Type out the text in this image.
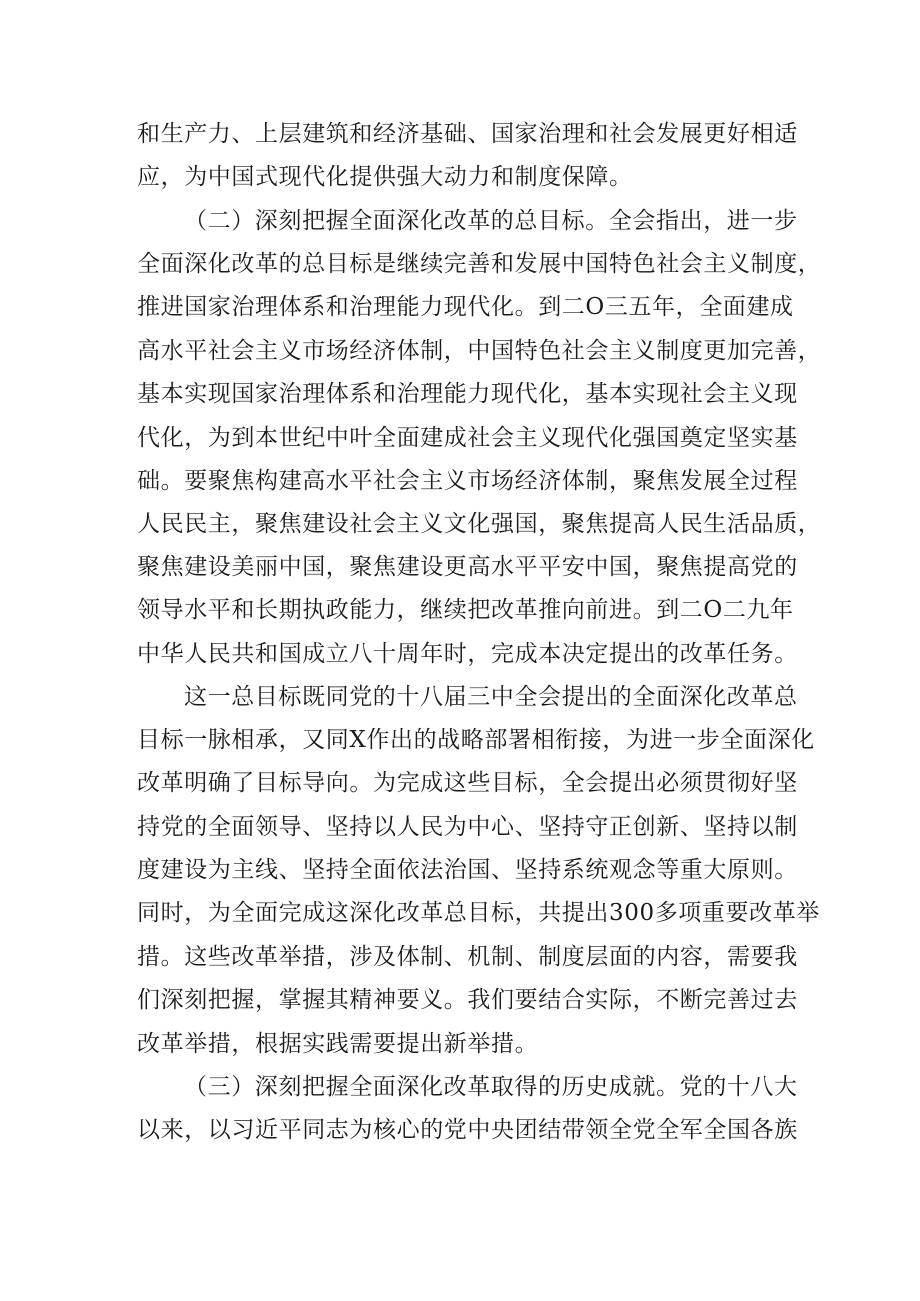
和生产力、上层建筑和经济基础、国家治理和社会发展更好相适
应，为中国式现代化提供强大动力和制度保障。
（二）深刻把握全面深化改革的总目标。全会指出，进一步
全面深化改革的总目标是继续完善和发展中国特色社会主义制度，
推进国家治理体系和治理能力现代化。到二O三五年，全面建成
高水平社会主义市场经济体制，中国特色社会主义制度更加完善，
基本实现国家治理体系和治理能力现代化，基本实现社会主义现
代化，为到本世纪中叶全面建成社会主义现代化强国奠定坚实基
础。要聚焦构建高水平社会主义市场经济体制，聚焦发展全过程
人民民主，聚焦建设社会主义文化强国，聚焦提高人民生活品质，
聚焦建设美丽中国，聚焦建设更高水平平安中国，聚焦提高党的
领导水平和长期执政能力，继续把改革推向前进。到二O二九年
中华人民共和国成立八十周年时，完成本决定提出的改革任务。
这一总目标既同党的十八届三中全会提出的全面深化改革总
目标一脉相承，又同X作出的战略部署相衔接，为进一步全面深化
改革明确了目标导向。为完成这些目标，全会提出必须贯彻好坚
持党的全面领导、坚持以人民为中心、坚持守正创新、坚持以制
度建设为主线、坚持全面依法治国、坚持系统观念等重大原则。
同时，为全面完成这深化改革总目标，共提出300多项重要改革举
措。这些改革举措，涉及体制、机制、制度层面的内容，需要我
们深刻把握，掌握其精神要义。我们要结合实际，不断完善过去
改革举措，根据实践需要提出新举措。
（三）深刻把握全面深化改革取得的历史成就。党的十八大
以来，以习近平同志为核心的党中央团结带领全党全军全国各族
